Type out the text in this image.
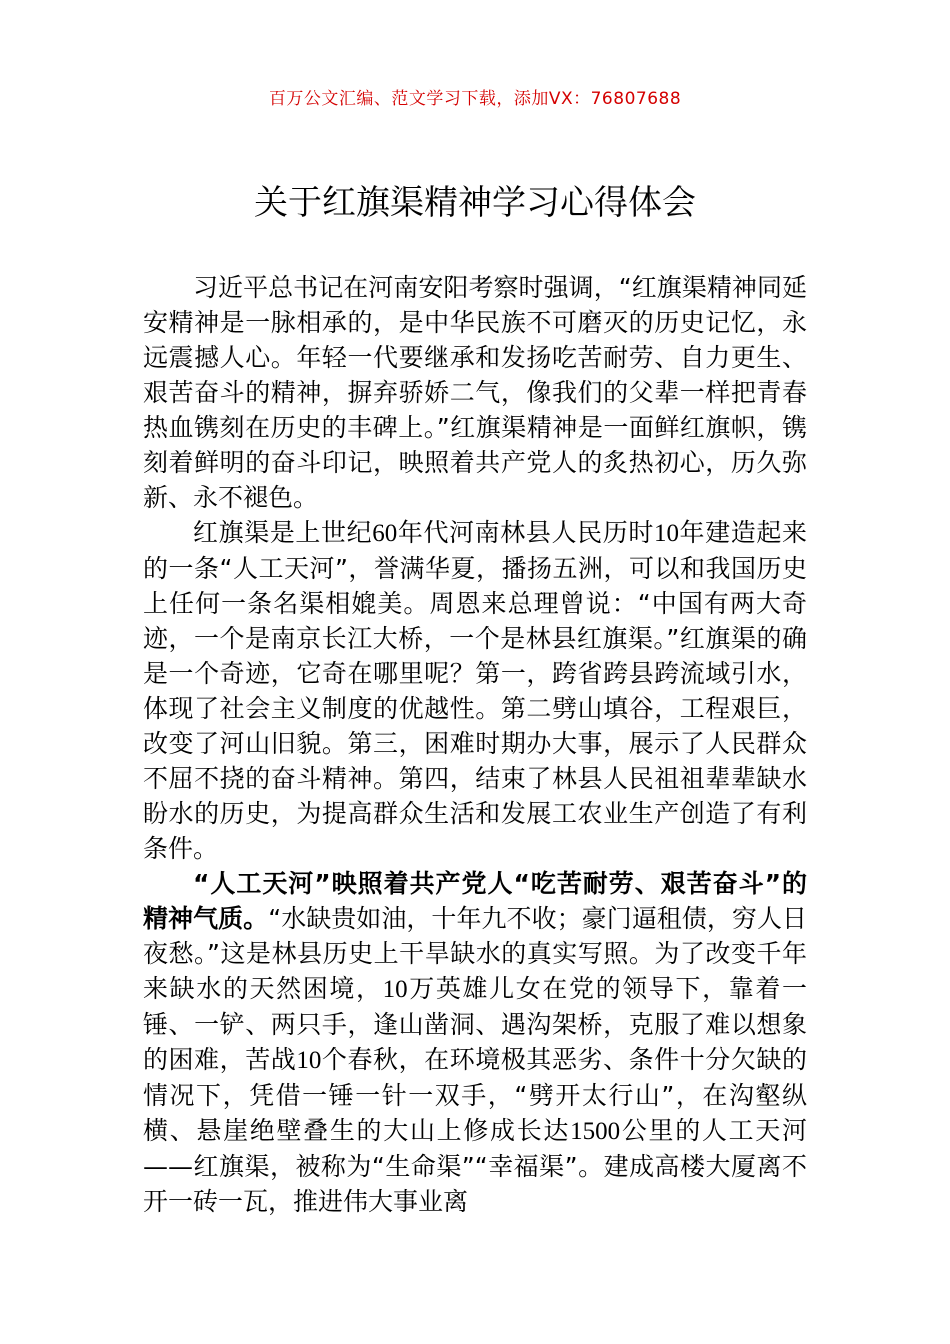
百万公文汇编、范文学习下载，添加VX：76807688
关于红旗渠精神学习心得体会

习近平总书记在河南安阳考察时强调，“红旗渠精神同延安精神是一脉相承的，是中华民族不可磨灭的历史记忆，永远震撼人心。年轻一代要继承和发扬吃苦耐劳、自力更生、艰苦奋斗的精神，摒弃骄娇二气，像我们的父辈一样把青春热血镌刻在历史的丰碑上。”红旗渠精神是一面鲜红旗帜，镌刻着鲜明的奋斗印记，映照着共产党人的炙热初心，历久弥新、永不褪色。

红旗渠是上世纪60年代河南林县人民历时10年建造起来的一条“人工天河”，誉满华夏，播扬五洲，可以和我国历史上任何一条名渠相媲美。周恩来总理曾说：“中国有两大奇迹，一个是南京长江大桥，一个是林县红旗渠。”红旗渠的确是一个奇迹，它奇在哪里呢？第一，跨省跨县跨流域引水，体现了社会主义制度的优越性。第二劈山填谷，工程艰巨，改变了河山旧貌。第三，困难时期办大事，展示了人民群众不屈不挠的奋斗精神。第四，结束了林县人民祖祖辈辈缺水盼水的历史，为提高群众生活和发展工农业生产创造了有利条件。

“人工天河”映照着共产党人“吃苦耐劳、艰苦奋斗”的精神气质。“水缺贵如油，十年九不收；豪门逼租债，穷人日夜愁。”这是林县历史上干旱缺水的真实写照。为了改变千年来缺水的天然困境，10万英雄儿女在党的领导下，靠着一锤、一铲、两只手，逢山凿洞、遇沟架桥，克服了难以想象的困难，苦战10个春秋，在环境极其恶劣、条件十分欠缺的情况下，凭借一锤一针一双手，“劈开太行山”，在沟壑纵横、悬崖绝壁叠生的大山上修成长达1500公里的人工天河——红旗渠，被称为“生命渠”“幸福渠”。建成高楼大厦离不开一砖一瓦，推进伟大事业离
